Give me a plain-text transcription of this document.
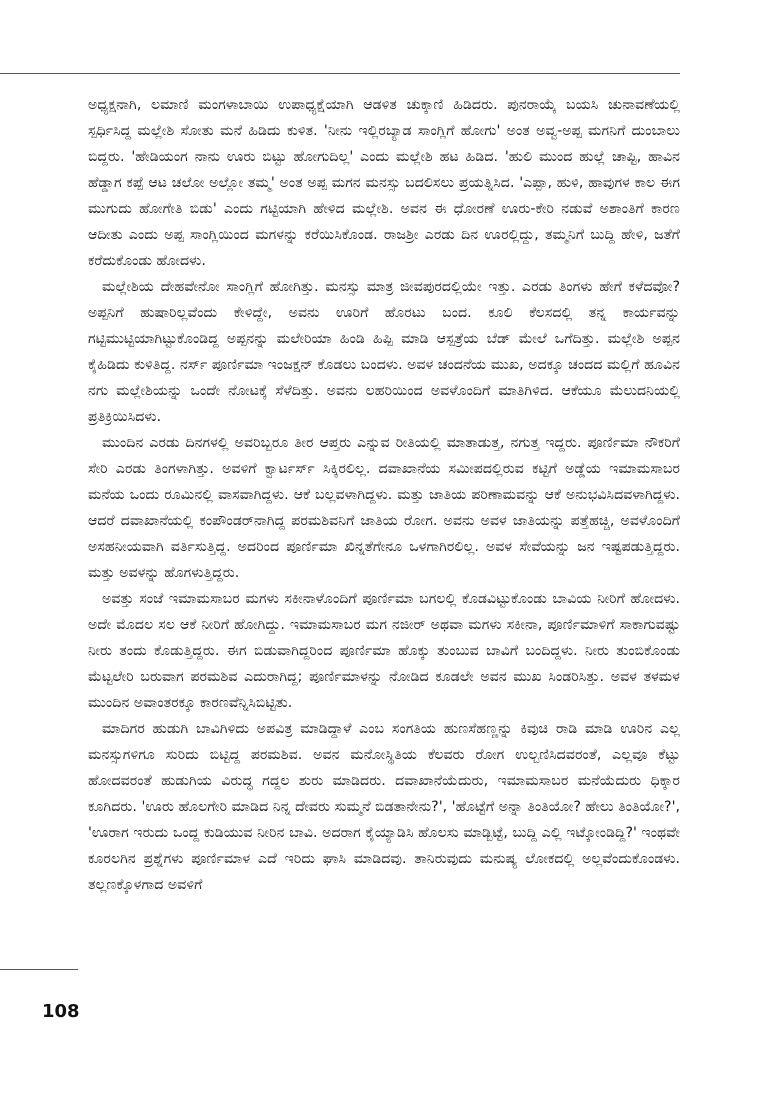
ಅಧ್ಯಕ್ಷನಾಗಿ, ಲಮಾಣಿ ಮಂಗಳಾಬಾಯಿ ಉಪಾಧ್ಯಕ್ಷೆಯಾಗಿ ಆಡಳಿತ ಚುಕ್ಕಾಣಿ ಹಿಡಿದರು. ಪುನರಾಯ್ಕೆ ಬಯಸಿ ಚುನಾವಣೆಯಲ್ಲಿ ಸ್ಪರ್ಧಿಸಿದ್ದ ಮಲ್ಲೇಶಿ ಸೋತು ಮನೆ ಹಿಡಿದು ಕುಳಿತ. 'ನೀನು ಇಲ್ಲಿರಬ್ಯಾಡ ಸಾಂಗ್ಲಿಗೆ ಹೋಗು' ಅಂತ ಅವ್ವ-ಅಪ್ಪ ಮಗನಿಗೆ ದುಂಬಾಲು ಬಿದ್ದರು. 'ಹೇಡಿಯಂಗ ನಾನು ಊರು ಬಿಟ್ಟು ಹೋಗುದಿಲ್ಲ' ಎಂದು ಮಲ್ಲೇಶಿ ಹಟ ಹಿಡಿದ. 'ಹುಲಿ ಮುಂದ ಹುಲ್ಲೆ ಚಾಪ್ಟಿ, ಹಾವಿನ ಹೆಡ್ಡಾಗ ಕಪ್ಪೆ ಆಟ ಚಲೋ ಅಲ್ಲೋ ತಮ್ಮ' ಅಂತ ಅಪ್ಪ ಮಗನ ಮನಸ್ಸು ಬದಲಿಸಲು ಪ್ರಯತ್ನಿಸಿದ. 'ಎಪ್ಪಾ, ಹುಳಿ, ಹಾವುಗಳ ಕಾಲ ಈಗ ಮುಗುದು ಹೋಗೇತಿ ಬಿಡು' ಎಂದು ಗಟ್ಟಿಯಾಗಿ ಹೇಳಿದ ಮಲ್ಲೇಶಿ. ಅವನ ಈ ಧೋರಣೆ ಊರು-ಕೇರಿ ನಡುವೆ ಅಶಾಂತಿಗೆ ಕಾರಣ ಆದೀತು ಎಂದು ಅಪ್ಪ ಸಾಂಗ್ಲಿಯಿಂದ ಮಗಳನ್ನು ಕರೆಯಿಸಿಕೊಂಡ. ರಾಜಶ್ರೀ ಎರಡು ದಿನ ಊರಲ್ಲಿದ್ದು, ತಮ್ಮನಿಗೆ ಬುದ್ದಿ ಹೇಳಿ, ಜತೆಗೆ ಕರೆದುಕೊಂಡು ಹೋದಳು.

ಮಲ್ಲೇಶಿಯ ದೇಹವೇನೋ ಸಾಂಗ್ಲಿಗೆ ಹೋಗಿತ್ತು. ಮನಸ್ಸು ಮಾತ್ರ ಜೀವಪುರದಲ್ಲಿಯೇ ಇತ್ತು. ಎರಡು ತಿಂಗಳು ಹೇಗೆ ಕಳೆದವೋ? ಅಪ್ಪನಿಗೆ ಹುಷಾರಿಲ್ಲವೆಂದು ಕೇಳಿದ್ದೇ, ಅವನು ಊರಿಗೆ ಹೊರಟು ಬಂದ. ಕೂಲಿ ಕೆಲಸದಲ್ಲಿ ತನ್ನ ಕಾರ್ಯವನ್ನು ಗಟ್ಟಿಮುಟ್ಟಿಯಾಗಿಟ್ಟುಕೊಂಡಿದ್ದ ಅಪ್ಪನನ್ನು ಮಲೇರಿಯಾ ಹಿಂಡಿ ಹಿಪ್ಪಿ ಮಾಡಿ ಆಸ್ಪತ್ರೆಯ ಬೆಡ್ ಮೇಲೆ ಒಗೆದಿತ್ತು. ಮಲ್ಲೇಶಿ ಅಪ್ಪನ ಕೈಹಿಡಿದು ಕುಳಿತಿದ್ದ. ನರ್ಸ್ ಪೂರ್ಣಿಮಾ ಇಂಜಕ್ಷನ್ ಕೊಡಲು ಬಂದಳು. ಅವಳ ಚಂದನೆಯ ಮುಖ, ಅದಕ್ಕೂ ಚಂದದ ಮಲ್ಲಿಗೆ ಹೂವಿನ ನಗು ಮಲ್ಲೇಶಿಯನ್ನು ಒಂದೇ ನೋಟಕ್ಕೆ ಸೆಳೆದಿತ್ತು. ಅವನು ಲಹರಿಯಿಂದ ಅವಳೊಂದಿಗೆ ಮಾತಿಗಿಳಿದ. ಆಕೆಯೂ ಮೆಲುದನಿಯಲ್ಲಿ ಪ್ರತಿಕ್ರಿಯಿಸಿದಳು.

ಮುಂದಿನ ಎರಡು ದಿನಗಳಲ್ಲಿ ಅವರಿಬ್ಬರೂ ತೀರ ಆಪ್ತರು ಎನ್ನುವ ರೀತಿಯಲ್ಲಿ ಮಾತಾಡುತ್ತ, ನಗುತ್ತ ಇದ್ದರು. ಪೂರ್ಣಿಮಾ ನೌಕರಿಗೆ ಸೇರಿ ಎರಡು ತಿಂಗಳಾಗಿತ್ತು. ಅವಳಿಗೆ ಕ್ವಾರ್ಟರ್ಸ್ ಸಿಕ್ಕಿರಲಿಲ್ಲ. ದವಾಖಾನೆಯ ಸಮೀಪದಲ್ಲಿರುವ ಕಟ್ಟಿಗೆ ಅಡ್ಡೆಯ ಇಮಾಮಸಾಬರ ಮನೆಯ ಒಂದು ರೂಮಿನಲ್ಲಿ ವಾಸವಾಗಿದ್ದಳು. ಆಕೆ ಬಲ್ಲವಳಾಗಿದ್ದಳು. ಮತ್ತು ಜಾತಿಯ ಪರಿಣಾಮವನ್ನು ಆಕೆ ಅನುಭವಿಸಿದವಳಾಗಿದ್ದಳು. ಆದರೆ ದವಾಖಾನೆಯಲ್ಲಿ ಕಂಪೌಂಡರ್‌ನಾಗಿದ್ದ ಪರಮಶಿವನಿಗೆ ಜಾತಿಯ ರೋಗ. ಅವನು ಅವಳ ಜಾತಿಯನ್ನು ಪತ್ತೆಹಚ್ಚಿ, ಅವಳೊಂದಿಗೆ ಅಸಹನೀಯವಾಗಿ ವರ್ತಿಸುತ್ತಿದ್ದ. ಅದರಿಂದ ಪೂರ್ಣಿಮಾ ಖಿನ್ನತೆಗೇನೂ ಒಳಗಾಗಿರಲಿಲ್ಲ. ಅವಳ ಸೇವೆಯನ್ನು ಜನ ಇಷ್ಟಪಡುತ್ತಿದ್ದರು. ಮತ್ತು ಅವಳನ್ನು ಹೊಗಳುತ್ತಿದ್ದರು.

ಅವತ್ತು ಸಂಜೆ ಇಮಾಮಸಾಬರ ಮಗಳು ಸಕೀನಾಳೊಂದಿಗೆ ಪೂರ್ಣಿಮಾ ಬಗಲಲ್ಲಿ ಕೊಡವಿಟ್ಟುಕೊಂಡು ಬಾವಿಯ ನೀರಿಗೆ ಹೋದಳು. ಅದೇ ಮೊದಲ ಸಲ ಆಕೆ ನೀರಿಗೆ ಹೋಗಿದ್ದು. ಇಮಾಮಸಾಬರ ಮಗ ನಜೀರ್ ಅಥವಾ ಮಗಳು ಸಕೀನಾ, ಪೂರ್ಣಿಮಾಳಿಗೆ ಸಾಕಾಗುವಷ್ಟು ನೀರು ತಂದು ಕೊಡುತ್ತಿದ್ದರು. ಈಗ ಬಿಡುವಾಗಿದ್ದರಿಂದ ಪೂರ್ಣಿಮಾ ಹೊಕ್ಕು ತುಂಬುವ ಬಾವಿಗೆ ಬಂದಿದ್ದಳು. ನೀರು ತುಂಬಿಕೊಂಡು ಮೆಟ್ಟಲೇರಿ ಬರುವಾಗ ಪರಮಶಿವ ಎದುರಾಗಿದ್ದ; ಪೂರ್ಣಿಮಾಳನ್ನು ನೋಡಿದ ಕೂಡಲೇ ಅವನ ಮುಖ ಸಿಂಡರಿಸಿತ್ತು. ಅವಳ ತಳಮಳ ಮುಂದಿನ ಅವಾಂತರಕ್ಕೂ ಕಾರಣವೆನ್ನಿಸಿಬಿಟ್ಟಿತು.

ಮಾದಿಗರ ಹುಡುಗಿ ಬಾವಿಗಿಳಿದು ಅಪವಿತ್ರ ಮಾಡಿದ್ದಾಳೆ ಎಂಬ ಸಂಗತಿಯ ಹುಣಸೆಹಣ್ಣನ್ನು ಕಿವುಚಿ ರಾಡಿ ಮಾಡಿ ಊರಿನ ಎಲ್ಲ ಮನಸ್ಸುಗಳಿಗೂ ಸುರಿದು ಬಿಟ್ಟಿದ್ದ ಪರಮಶಿವ. ಅವನ ಮನೋಸ್ಥಿತಿಯ ಕೆಲವರು ರೋಗ ಉಲ್ಬಣಿಸಿದವರಂತೆ, ಎಲ್ಲವೂ ಕೆಟ್ಟು ಹೋದವರಂತೆ ಹುಡುಗಿಯ ವಿರುದ್ಧ ಗದ್ದಲ ಶುರು ಮಾಡಿದರು. ದವಾಖಾನೆಯೆದುರು, ಇಮಾಮಸಾಬರ ಮನೆಯೆದುರು ಧಿಕ್ಕಾರ ಕೂಗಿದರು. 'ಊರು ಹೊಲಗೇರಿ ಮಾಡಿದ ನಿನ್ನ ದೇವರು ಸುಮ್ಮನೆ ಬಿಡತಾನೇನು?', 'ಹೊಟ್ಟೆಗೆ ಅನ್ನಾ ತಿಂತಿಯೋ? ಹೇಲು ತಿಂತಿಯೋ?', 'ಊರಾಗ ಇರುದು ಒಂದ್ದ ಕುಡಿಯುವ ನೀರಿನ ಬಾವಿ. ಅದರಾಗ ಕೈಯ್ಯಾಡಿಸಿ ಹೊಲಸು ಮಾಡ್ಬಿಟ್ಟೆ, ಬುದ್ದಿ ಎಲ್ಲಿ ಇಟ್ಕೋಂಡಿದ್ದಿ?' ಇಂಥವೇ ಕೂರಲಗಿನ ಪ್ರಶ್ನೆಗಳು ಪೂರ್ಣಿಮಾಳ ಎದೆ ಇರಿದು ಘಾಸಿ ಮಾಡಿದವು. ತಾನಿರುವುದು ಮನುಷ್ಯ ಲೋಕದಲ್ಲಿ ಅಲ್ಲವೆಂದುಕೊಂಡಳು. ತಲ್ಲಣಕ್ಕೊಳಗಾದ ಅವಳಿಗೆ

108
